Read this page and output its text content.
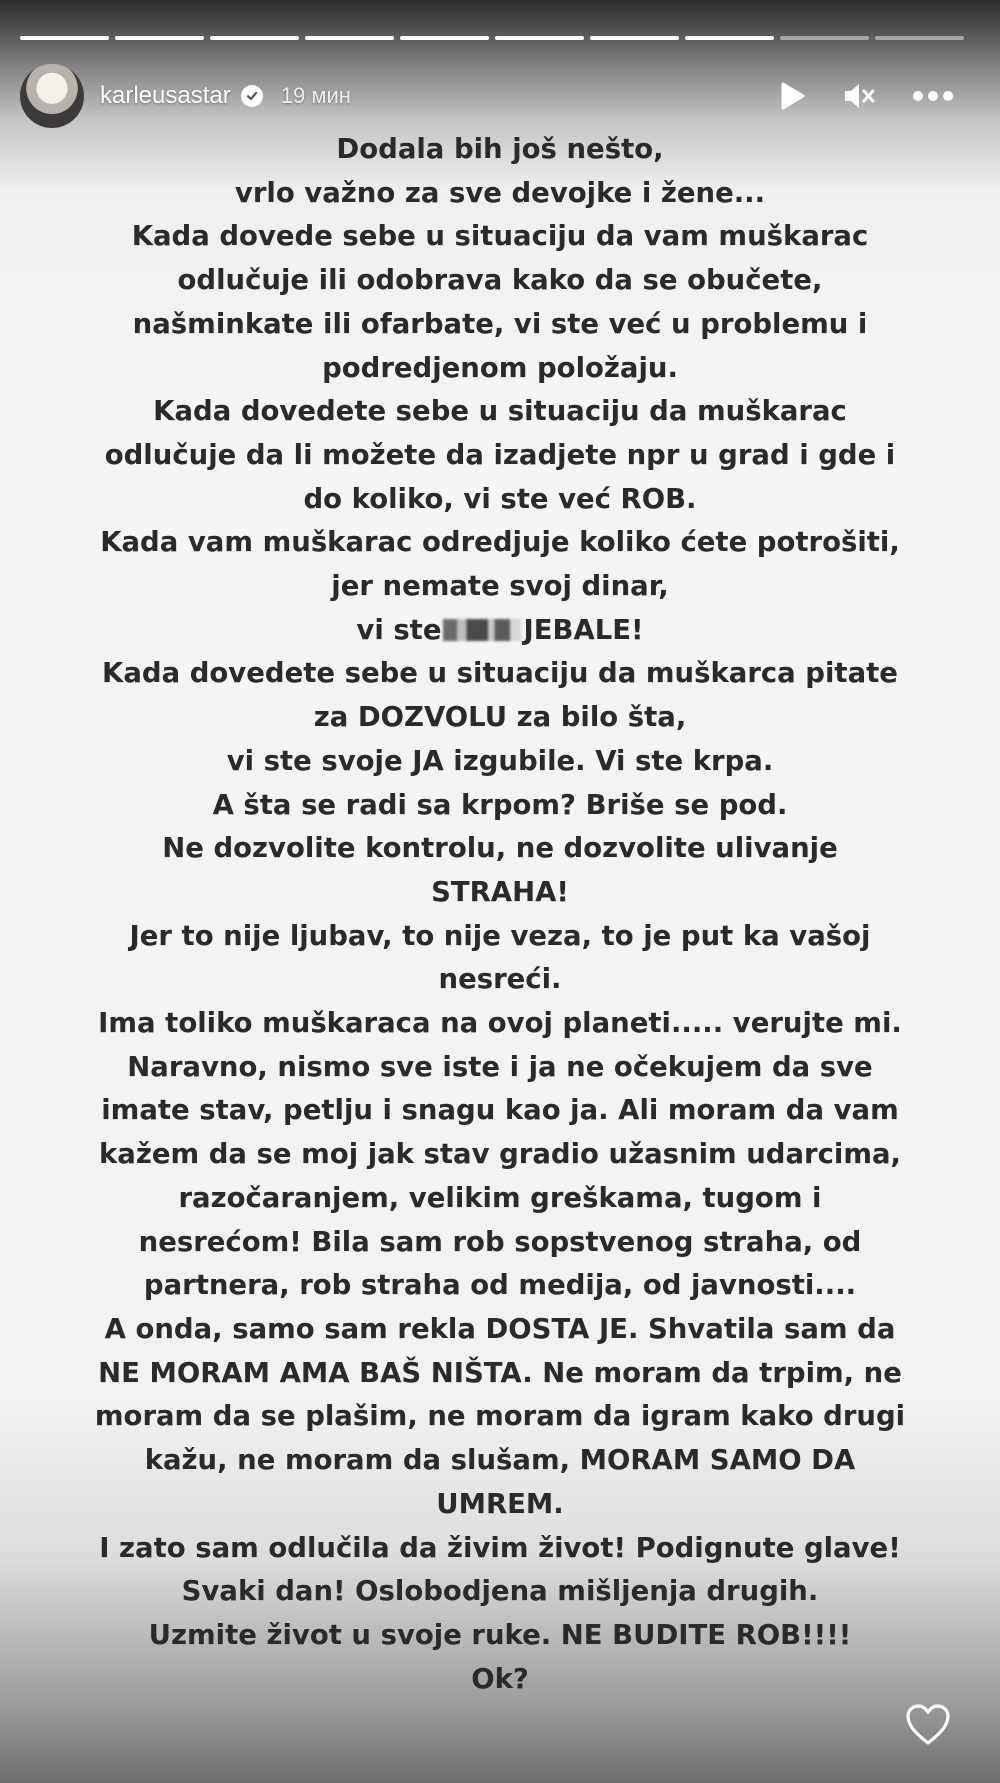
karleusastar 19 мин
Dodala bih još nešto,
vrlo važno za sve devojke i žene...
Kada dovede sebe u situaciju da vam muškarac
odlučuje ili odobrava kako da se obučete,
našminkate ili ofarbate, vi ste već u problemu i
podredjenom položaju.
Kada dovedete sebe u situaciju da muškarac
odlučuje da li možete da izadjete npr u grad i gde i
do koliko, vi ste već ROB.
Kada vam muškarac odredjuje koliko ćete potrošiti,
jer nemate svoj dinar,
vi ste	JEBALE!
Kada dovedete sebe u situaciju da muškarca pitate
za DOZVOLU za bilo šta,
vi ste svoje JA izgubile. Vi ste krpa.
A šta se radi sa krpom? Briše se pod.
Ne dozvolite kontrolu, ne dozvolite ulivanje
STRAHA!
Jer to nije ljubav, to nije veza, to je put ka vašoj
nesreći.
Ima toliko muškaraca na ovoj planeti..... verujte mi.
Naravno, nismo sve iste i ja ne očekujem da sve
imate stav, petlju i snagu kao ja. Ali moram da vam
kažem da se moj jak stav gradio užasnim udarcima,
razočaranjem, velikim greškama, tugom i
nesrećom! Bila sam rob sopstvenog straha, od
partnera, rob straha od medija, od javnosti....
A onda, samo sam rekla DOSTA JE. Shvatila sam da
NE MORAM AMA BAŠ NIŠTA. Ne moram da trpim, ne
moram da se plašim, ne moram da igram kako drugi
kažu, ne moram da slušam, MORAM SAMO DA
UMREM.
I zato sam odlučila da živim život! Podignute glave!
Svaki dan! Oslobodjena mišljenja drugih.
Uzmite život u svoje ruke. NE BUDITE ROB!!!!
Ok?
